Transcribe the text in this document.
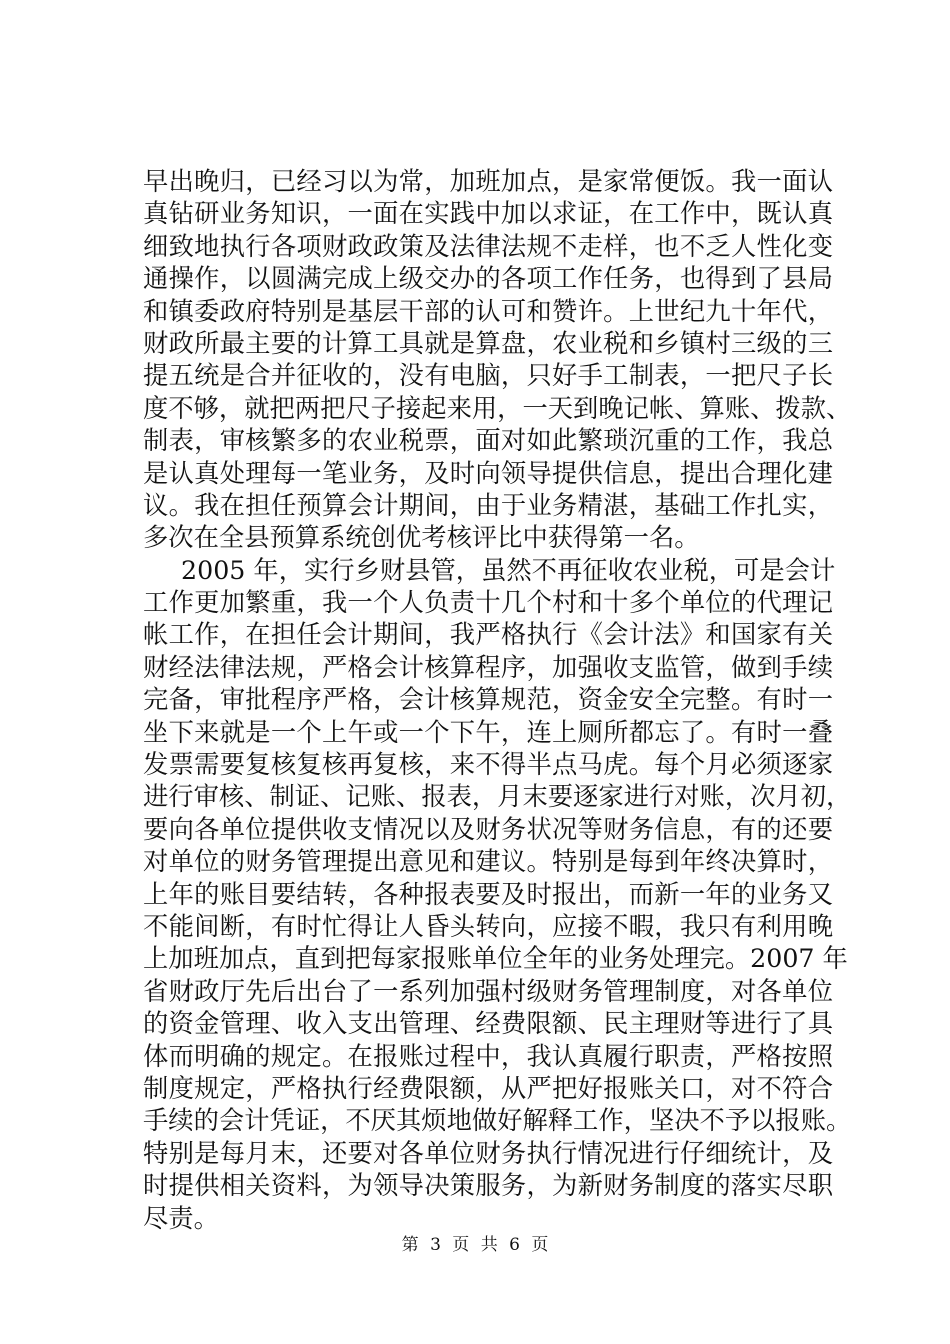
早出晚归，已经习以为常，加班加点，是家常便饭。我一面认
真钻研业务知识，一面在实践中加以求证，在工作中，既认真
细致地执行各项财政政策及法律法规不走样，也不乏人性化变
通操作，以圆满完成上级交办的各项工作任务，也得到了县局
和镇委政府特别是基层干部的认可和赞许。上世纪九十年代，
财政所最主要的计算工具就是算盘，农业税和乡镇村三级的三
提五统是合并征收的，没有电脑，只好手工制表，一把尺子长
度不够，就把两把尺子接起来用，一天到晚记帐、算账、拨款、
制表，审核繁多的农业税票，面对如此繁琐沉重的工作，我总
是认真处理每一笔业务，及时向领导提供信息，提出合理化建
议。我在担任预算会计期间，由于业务精湛，基础工作扎实，
多次在全县预算系统创优考核评比中获得第一名。
2005 年，实行乡财县管，虽然不再征收农业税，可是会计
工作更加繁重，我一个人负责十几个村和十多个单位的代理记
帐工作，在担任会计期间，我严格执行《会计法》和国家有关
财经法律法规，严格会计核算程序，加强收支监管，做到手续
完备，审批程序严格，会计核算规范，资金安全完整。有时一
坐下来就是一个上午或一个下午，连上厕所都忘了。有时一叠
发票需要复核复核再复核，来不得半点马虎。每个月必须逐家
进行审核、制证、记账、报表，月末要逐家进行对账，次月初，
要向各单位提供收支情况以及财务状况等财务信息，有的还要
对单位的财务管理提出意见和建议。特别是每到年终决算时，
上年的账目要结转，各种报表要及时报出，而新一年的业务又
不能间断，有时忙得让人昏头转向，应接不暇，我只有利用晚
上加班加点，直到把每家报账单位全年的业务处理完。2007 年
省财政厅先后出台了一系列加强村级财务管理制度，对各单位
的资金管理、收入支出管理、经费限额、民主理财等进行了具
体而明确的规定。在报账过程中，我认真履行职责，严格按照
制度规定，严格执行经费限额，从严把好报账关口，对不符合
手续的会计凭证，不厌其烦地做好解释工作，坚决不予以报账。
特别是每月末，还要对各单位财务执行情况进行仔细统计，及
时提供相关资料，为领导决策服务，为新财务制度的落实尽职
尽责。
第 3 页 共 6 页
